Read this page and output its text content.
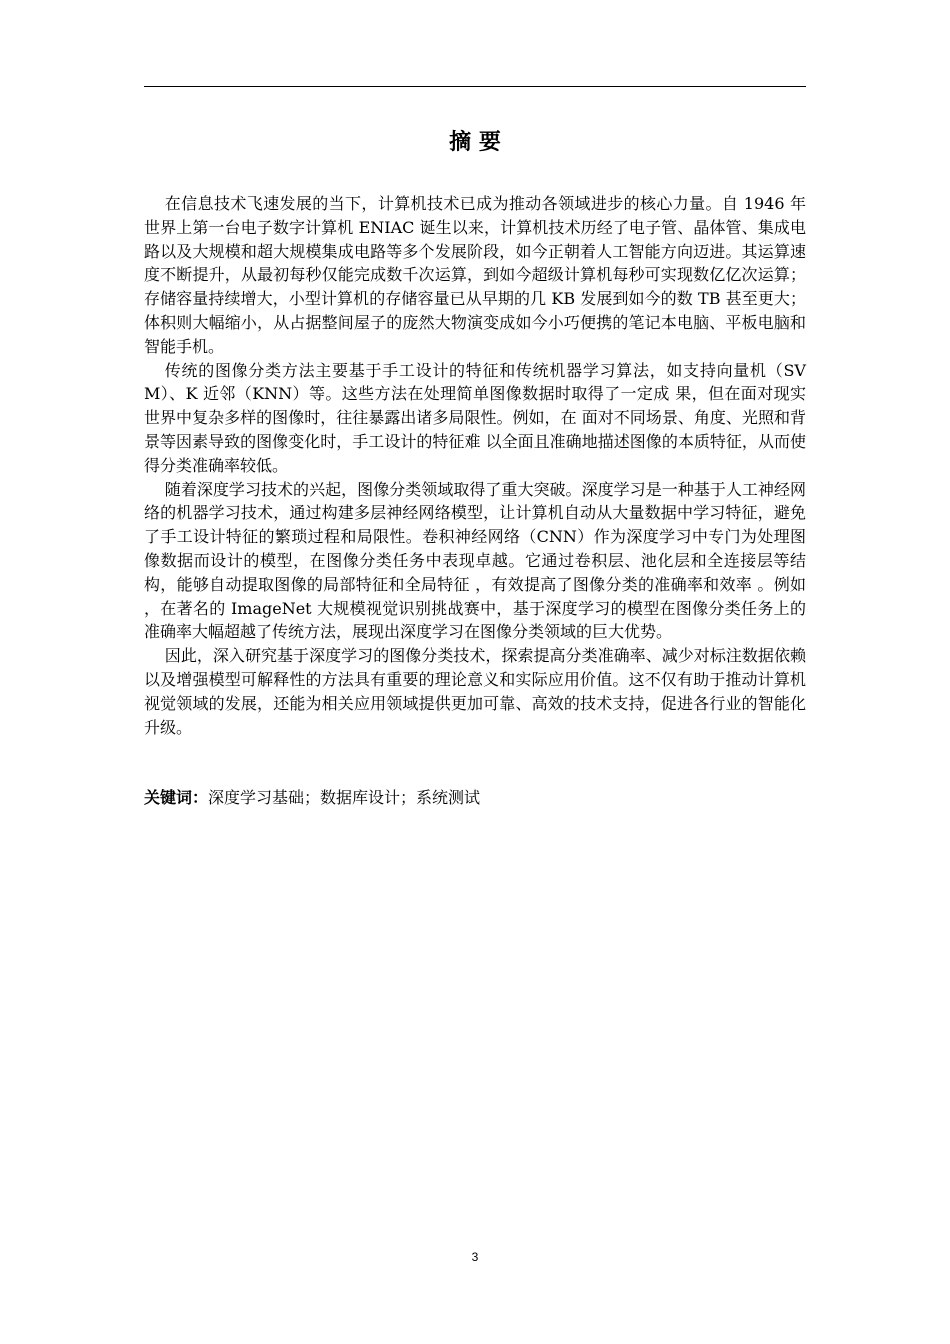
摘 要

在信息技术飞速发展的当下，计算机技术已成为推动各领域进步的核心力量。自 1946 年世界上第一台电子数字计算机 ENIAC 诞生以来，计算机技术历经了电子管、晶体管、集成电路以及大规模和超大规模集成电路等多个发展阶段，如今正朝着人工智能方向迈进。其运算速度不断提升，从最初每秒仅能完成数千次运算，到如今超级计算机每秒可实现数亿亿次运算；存储容量持续增大，小型计算机的存储容量已从早期的几 KB 发展到如今的数 TB 甚至更大；体积则大幅缩小，从占据整间屋子的庞然大物演变成如今小巧便携的笔记本电脑、平板电脑和智能手机。

传统的图像分类方法主要基于手工设计的特征和传统机器学习算法，如支持向量机（SVM）、K 近邻（KNN）等。这些方法在处理简单图像数据时取得了一定成 果，但在面对现实世界中复杂多样的图像时，往往暴露出诸多局限性。例如，在 面对不同场景、角度、光照和背景等因素导致的图像变化时，手工设计的特征难 以全面且准确地描述图像的本质特征，从而使得分类准确率较低。

随着深度学习技术的兴起，图像分类领域取得了重大突破。深度学习是一种基于人工神经网络的机器学习技术，通过构建多层神经网络模型，让计算机自动从大量数据中学习特征，避免了手工设计特征的繁琐过程和局限性。卷积神经网络（CNN）作为深度学习中专门为处理图像数据而设计的模型，在图像分类任务中表现卓越。它通过卷积层、池化层和全连接层等结构，能够自动提取图像的局部特征和全局特征 ，有效提高了图像分类的准确率和效率 。例如 ，在著名的 ImageNet 大规模视觉识别挑战赛中，基于深度学习的模型在图像分类任务上的 准确率大幅超越了传统方法，展现出深度学习在图像分类领域的巨大优势。

因此，深入研究基于深度学习的图像分类技术，探索提高分类准确率、减少对标注数据依赖以及增强模型可解释性的方法具有重要的理论意义和实际应用价值。这不仅有助于推动计算机视觉领域的发展，还能为相关应用领域提供更加可靠、高效的技术支持，促进各行业的智能化升级。

关键词：深度学习基础；数据库设计；系统测试

3
